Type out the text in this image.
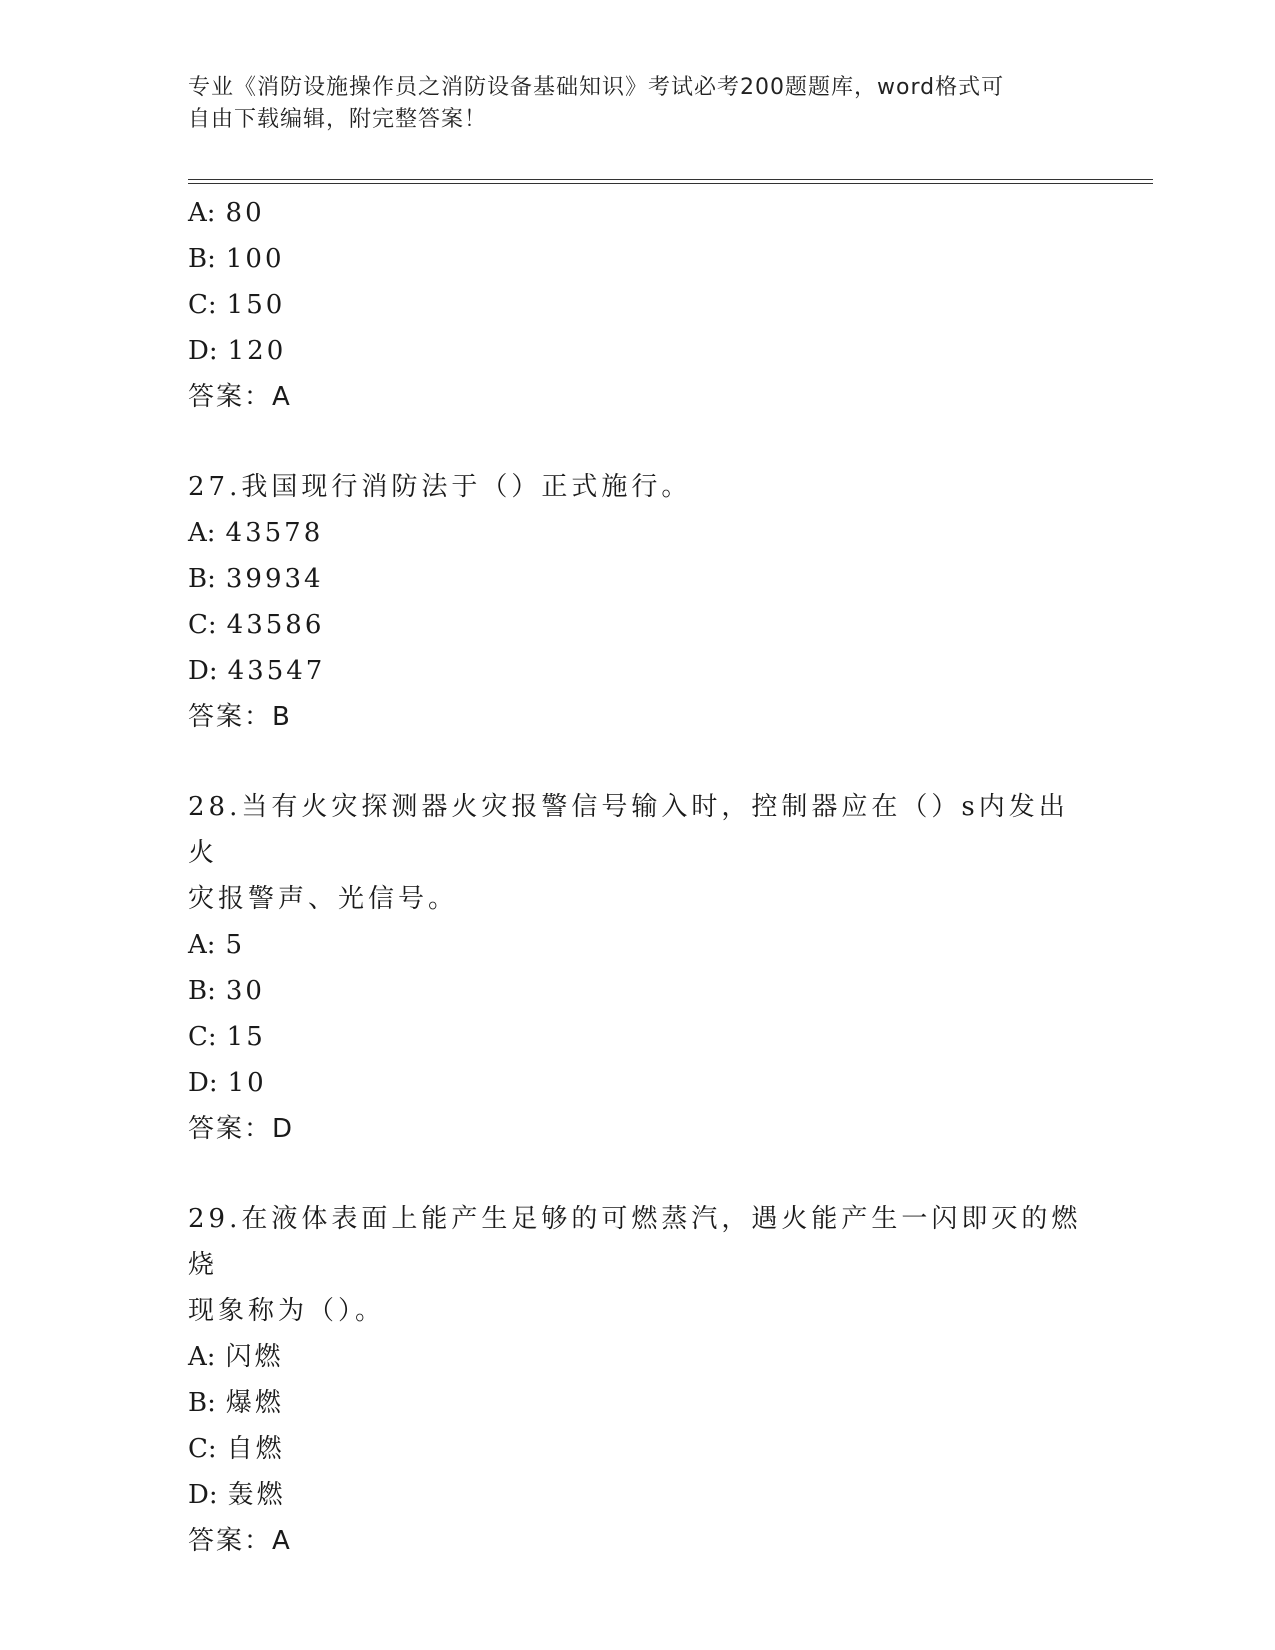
专业《消防设施操作员之消防设备基础知识》考试必考200题题库，word格式可
自由下载编辑，附完整答案！
A: 80
B: 100
C: 150
D: 120
答案：A
27.我国现行消防法于（）正式施行。
A: 43578
B: 39934
C: 43586
D: 43547
答案：B
28.当有火灾探测器火灾报警信号输入时，控制器应在（）s内发出火
灾报警声、光信号。
A: 5
B: 30
C: 15
D: 10
答案：D
29.在液体表面上能产生足够的可燃蒸汽，遇火能产生一闪即灭的燃烧
现象称为（）。
A: 闪燃
B: 爆燃
C: 自燃
D: 轰燃
答案：A
